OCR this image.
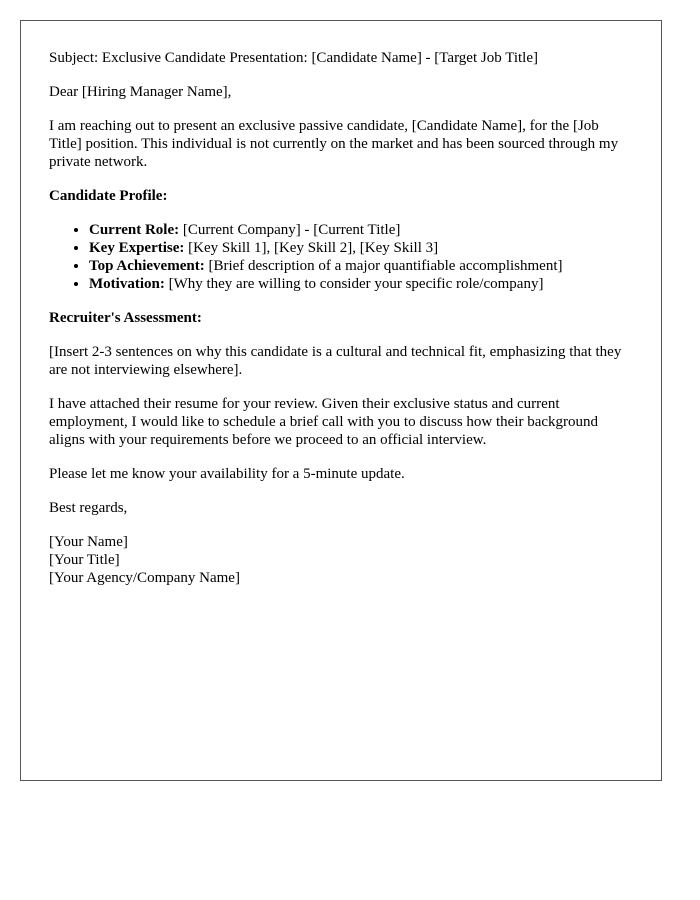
Subject: Exclusive Candidate Presentation: [Candidate Name] - [Target Job Title]

Dear [Hiring Manager Name],

I am reaching out to present an exclusive passive candidate, [Candidate Name], for the [Job Title] position. This individual is not currently on the market and has been sourced through my private network.

Candidate Profile:

• Current Role: [Current Company] - [Current Title]
• Key Expertise: [Key Skill 1], [Key Skill 2], [Key Skill 3]
• Top Achievement: [Brief description of a major quantifiable accomplishment]
• Motivation: [Why they are willing to consider your specific role/company]

Recruiter's Assessment:

[Insert 2-3 sentences on why this candidate is a cultural and technical fit, emphasizing that they are not interviewing elsewhere].

I have attached their resume for your review. Given their exclusive status and current employment, I would like to schedule a brief call with you to discuss how their background aligns with your requirements before we proceed to an official interview.

Please let me know your availability for a 5-minute update.

Best regards,

[Your Name]
[Your Title]
[Your Agency/Company Name]
